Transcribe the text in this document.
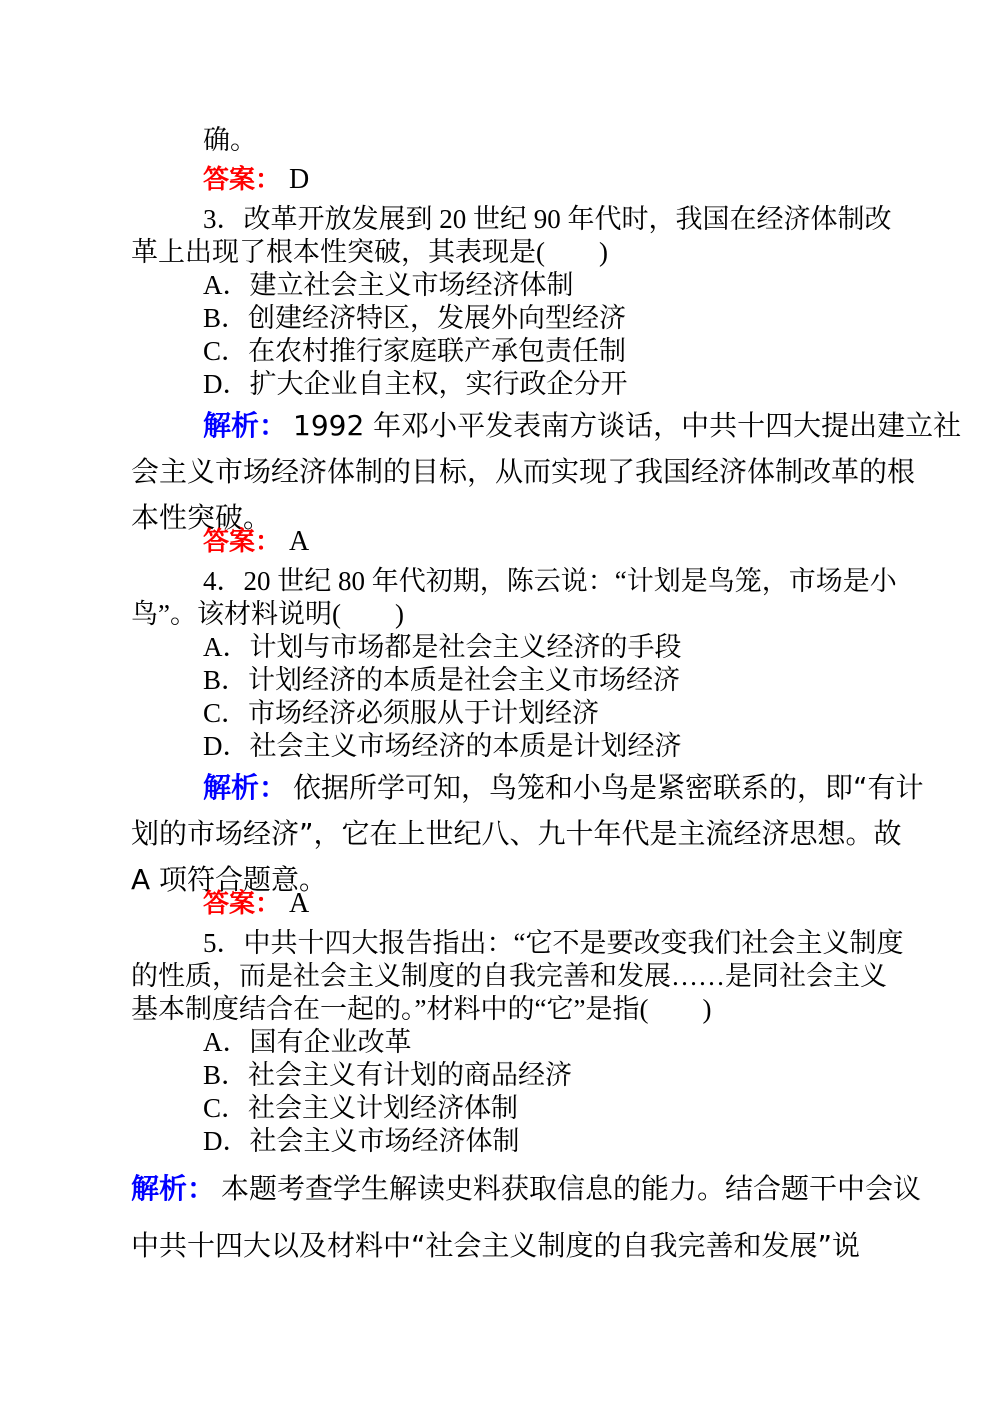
确。
答案： D
3．改革开放发展到 20 世纪 90 年代时，我国在经济体制改
革上出现了根本性突破，其表现是(　　)
A．建立社会主义市场经济体制
B．创建经济特区，发展外向型经济
C．在农村推行家庭联产承包责任制
D．扩大企业自主权，实行政企分开
解析： 1992 年邓小平发表南方谈话，中共十四大提出建立社
会主义市场经济体制的目标，从而实现了我国经济体制改革的根
本性突破。
答案： A
4．20 世纪 80 年代初期，陈云说：“计划是鸟笼，市场是小
鸟”。该材料说明(　　)
A．计划与市场都是社会主义经济的手段
B．计划经济的本质是社会主义市场经济
C．市场经济必须服从于计划经济
D．社会主义市场经济的本质是计划经济
解析： 依据所学可知，鸟笼和小鸟是紧密联系的，即“有计
划的市场经济”，它在上世纪八、九十年代是主流经济思想。故
A 项符合题意。
答案： A
5．中共十四大报告指出：“它不是要改变我们社会主义制度
的性质，而是社会主义制度的自我完善和发展……是同社会主义
基本制度结合在一起的。”材料中的“它”是指(　　)
A．国有企业改革
B．社会主义有计划的商品经济
C．社会主义计划经济体制
D．社会主义市场经济体制
解析： 本题考查学生解读史料获取信息的能力。结合题干中会议
中共十四大以及材料中“社会主义制度的自我完善和发展”说
